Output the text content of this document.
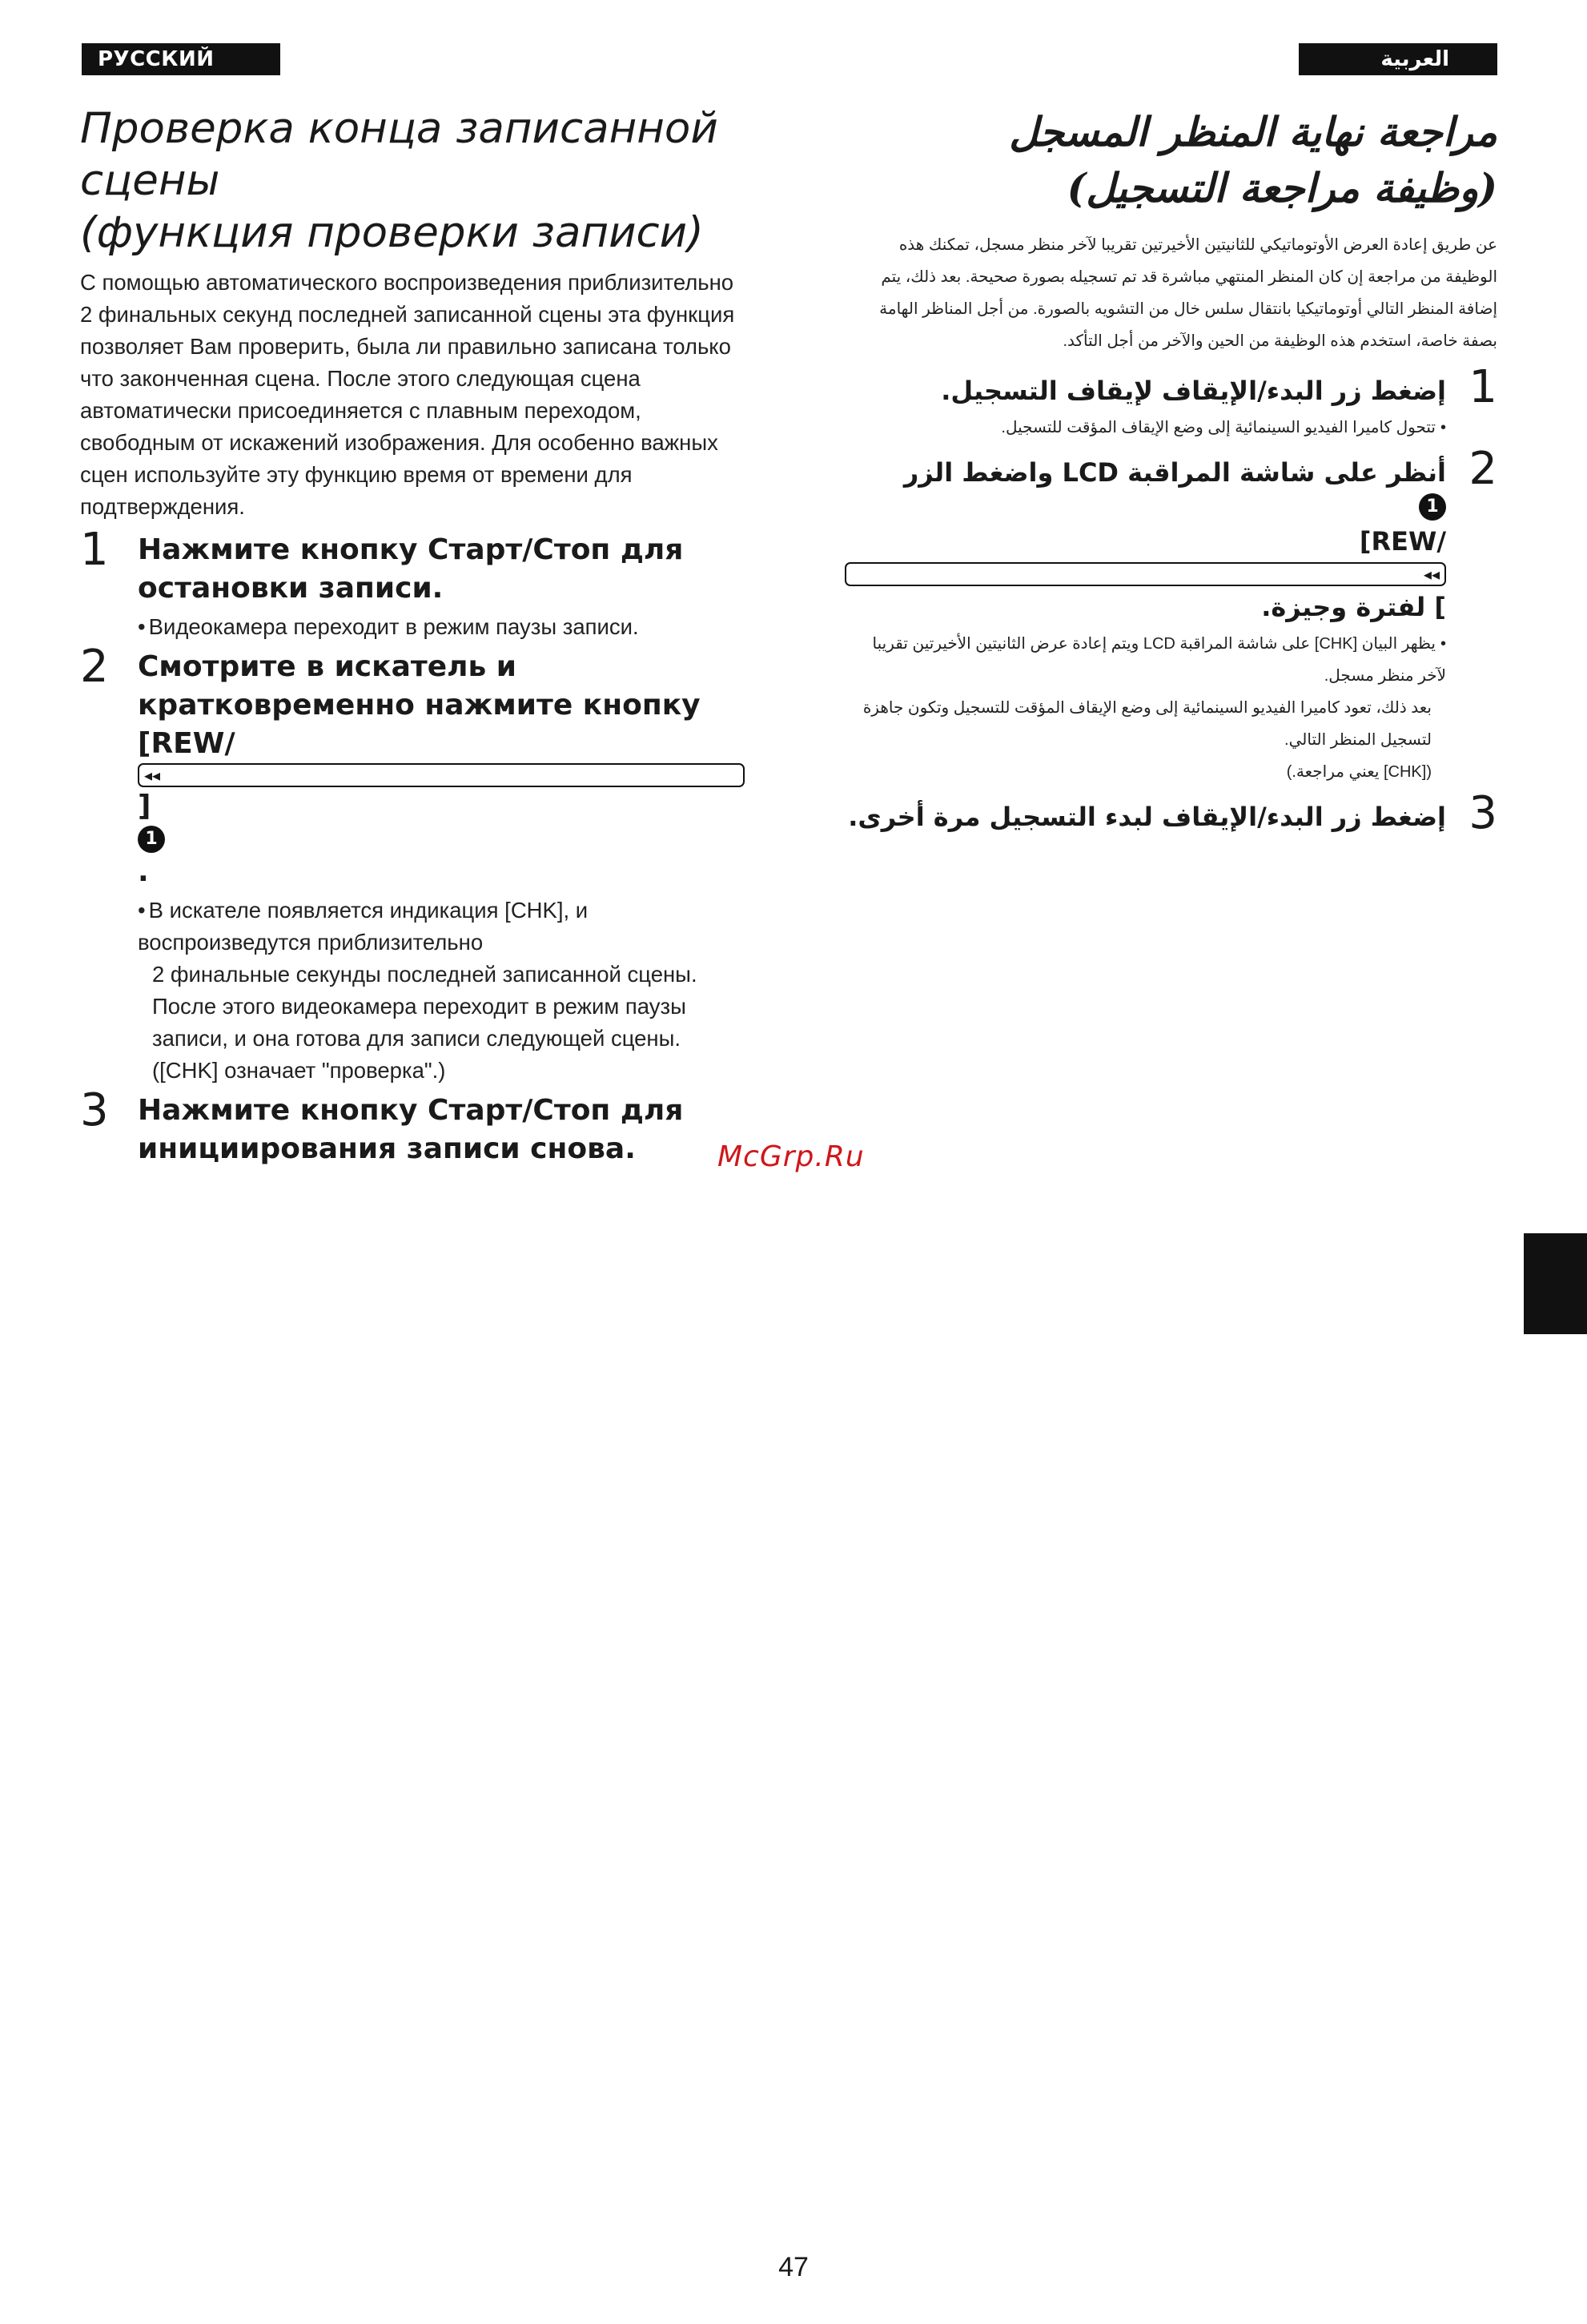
РУССКИЙ ЯЗЫК
العربية
Проверка конца записанной
сцены
(функция проверки записи)

С помощью автоматического воспроизведения приблизительно 2 финальных секунд последней записанной сцены эта функция позволяет Вам проверить, была ли правильно записана только что законченная сцена. После этого следующая сцена автоматически присоединяется с плавным переходом, свободным от искажений изображения. Для особенно важных сцен используйте эту функцию время от времени для подтверждения.

1 Нажмите кнопку Старт/Стоп для
остановки записи.

• Видеокамера переходит в режим паузы записи.

2 Смотрите в искатель и
кратковременно нажмите кнопку
[REW/
◂◂
]
1
.

• В искателе появляется индикация [CHK], и воспроизведутся приблизительно

2 финальные секунды последней записанной сцены.

После этого видеокамера переходит в режим паузы записи, и она готова для записи следующей сцены.

([CHK] означает "проверка".)

3 Нажмите кнопку Старт/Стоп для
инициирования записи снова.	McGrp.Ru
مراجعة نهاية المنظر المسجل
(وظيفة مراجعة التسجيل)

عن طريق إعادة العرض الأوتوماتيكي للثانيتين الأخيرتين تقريبا لآخر منظر مسجل، تمكنك هذه الوظيفة من مراجعة إن كان المنظر المنتهي مباشرة قد تم تسجيله بصورة صحيحة. بعد ذلك، يتم إضافة المنظر التالي أوتوماتيكيا بانتقال سلس خال من التشويه بالصورة. من أجل المناظر الهامة بصفة خاصة، استخدم هذه الوظيفة من الحين والآخر من أجل التأكد.

1
إضغط زر البدء/الإيقاف لإيقاف التسجيل.

• تتحول كاميرا الفيديو السينمائية إلى وضع الإيقاف المؤقت للتسجيل.

2
أنظر على شاشة المراقبة LCD واضغط الزر
1
[REW/
◂◂
] لفترة وجيزة.

• يظهر البيان [CHK] على شاشة المراقبة LCD ويتم إعادة عرض الثانيتين الأخيرتين تقريبا لآخر منظر مسجل.

بعد ذلك، تعود كاميرا الفيديو السينمائية إلى وضع الإيقاف المؤقت للتسجيل وتكون جاهزة لتسجيل المنظر التالي.

([CHK] يعني مراجعة.)

3
إضغط زر البدء/الإيقاف لبدء التسجيل مرة أخرى.
47
